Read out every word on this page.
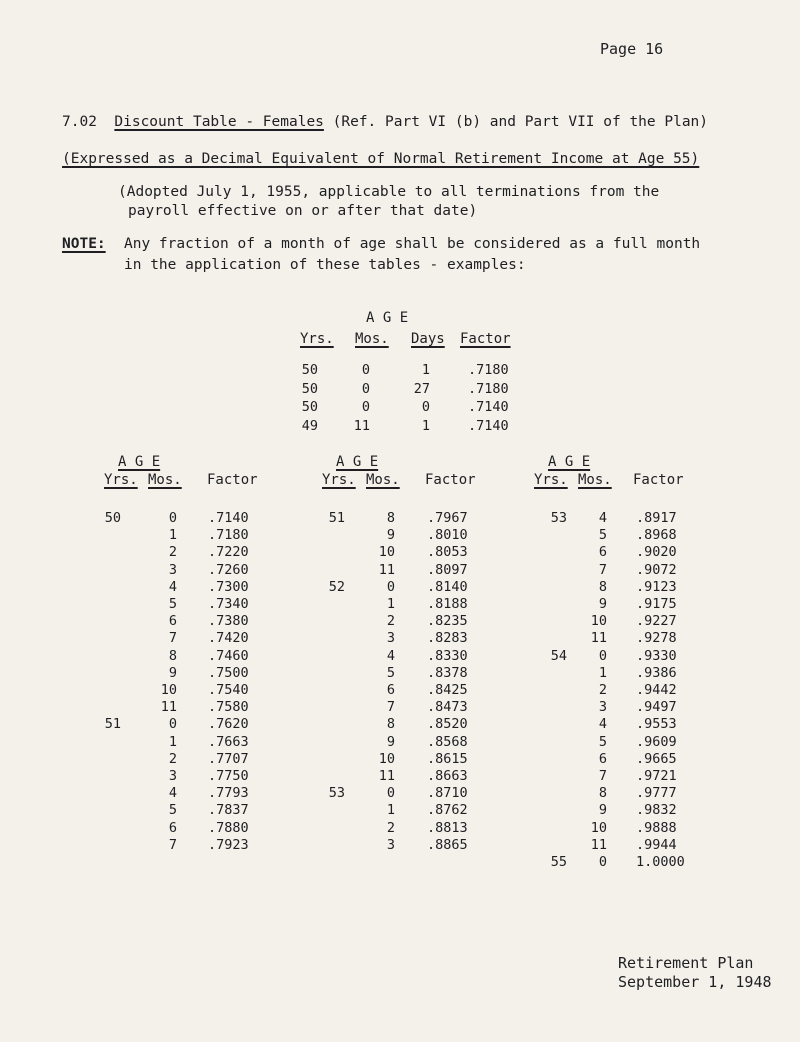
Page 16
7.02 Discount Table - Females (Ref. Part VI (b) and Part VII of the Plan)
(Expressed as a Decimal Equivalent of Normal Retirement Income at Age 55)
(Adopted July 1, 1955, applicable to all terminations from the
payroll effective on or after that date)
NOTE: Any fraction of a month of age shall be considered as a full month
in the application of these tables - examples:
A G E
Yrs. Mos. Days Factor
50	0	1	.7180
50	0	27	.7180
50	0	0	.7140
49	11	1	.7140
A G E
Yrs. Mos. Factor
A G E
Yrs. Mos. Factor
A G E
Yrs. Mos. Factor
50	0 .7140
1 .7180
2 .7220
3 .7260
4 .7300
5 .7340
6 .7380
7 .7420
8 .7460
9 .7500
10 .7540
11 .7580
51	0 .7620
1 .7663
2 .7707
3 .7750
4 .7793
5 .7837
6 .7880
7 .7923
51	8 .7967
9 .8010
10 .8053
11 .8097
52	0 .8140
1 .8188
2 .8235
3 .8283
4 .8330
5 .8378
6 .8425
7 .8473
8 .8520
9 .8568
10 .8615
11 .8663
53	0 .8710
1 .8762
2 .8813
3 .8865
53	4 .8917
5 .8968
6 .9020
7 .9072
8 .9123
9 .9175
10 .9227
11 .9278
54	0 .9330
1 .9386
2 .9442
3 .9497
4 .9553
5 .9609
6 .9665
7 .9721
8 .9777
9 .9832
10 .9888
11 .9944
55	0 1.0000
Retirement Plan
September 1, 1948
